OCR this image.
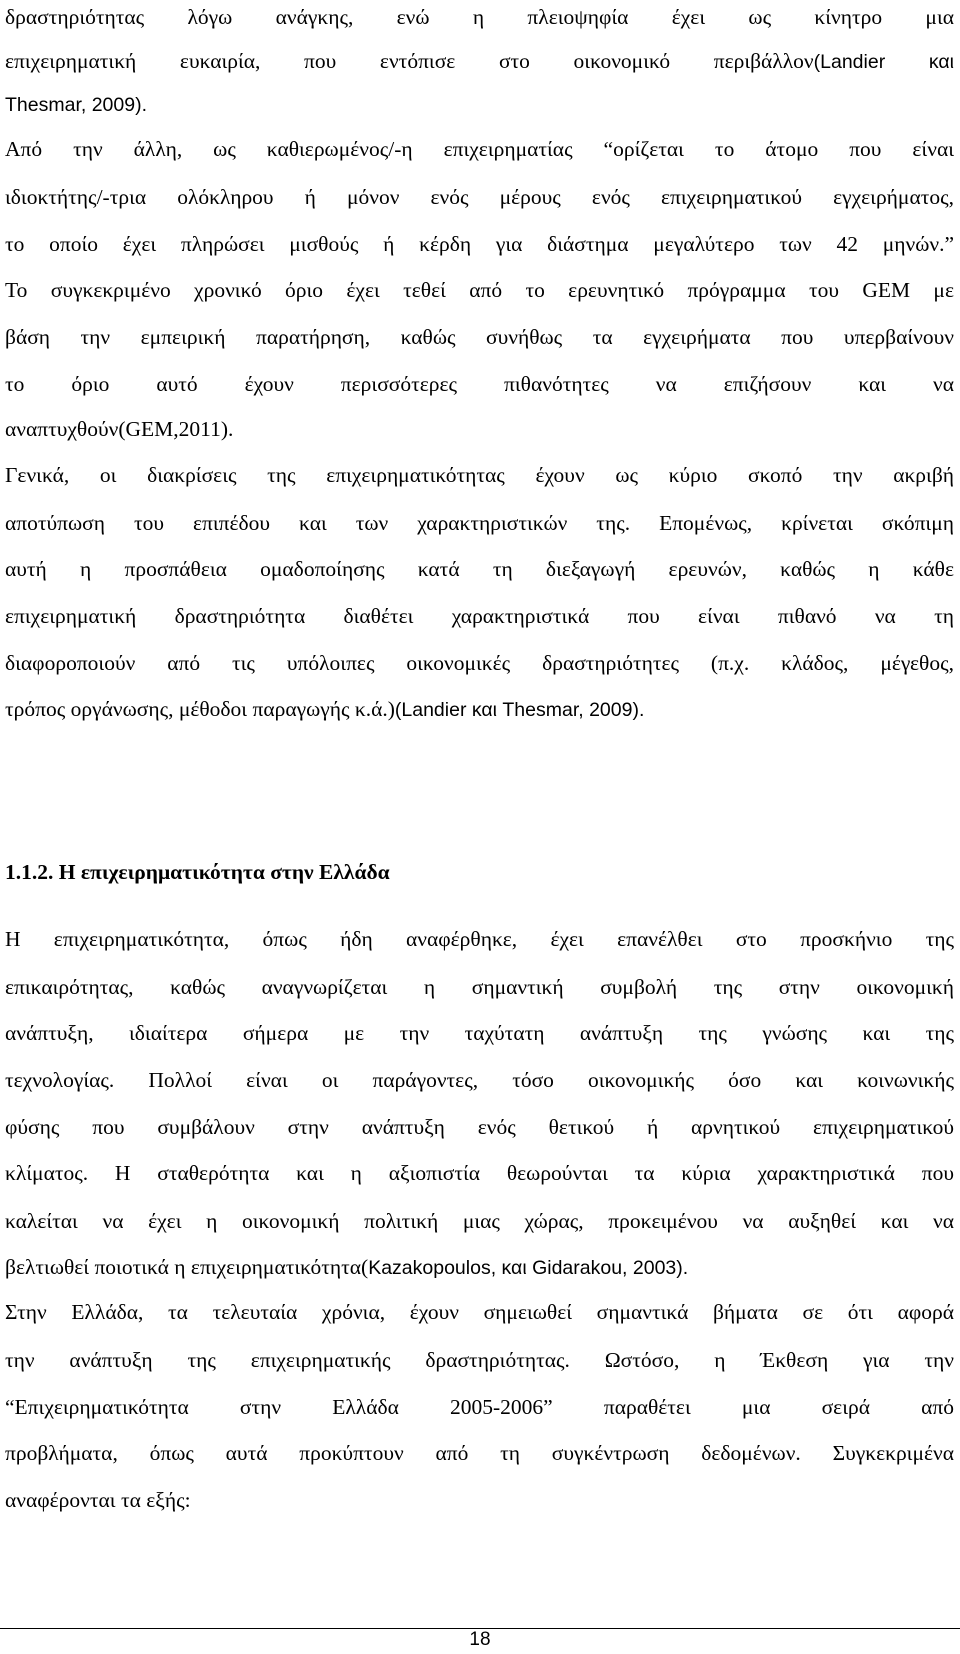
δραστηριότητας λόγω ανάγκης, ενώ η πλειοψηφία έχει ως κίνητρο μια
επιχειρηματική ευκαιρία, που εντόπισε στο οικονομικό περιβάλλον(Landier και
Thesmar, 2009).
Από την άλλη, ως καθιερωμένος/-η επιχειρηματίας “ορίζεται το άτομο που είναι
ιδιοκτήτης/-τρια ολόκληρου ή μόνον ενός μέρους ενός επιχειρηματικού εγχειρήματος,
το οποίο έχει πληρώσει μισθούς ή κέρδη για διάστημα μεγαλύτερο των 42 μηνών.”
Το συγκεκριμένο χρονικό όριο έχει τεθεί από το ερευνητικό πρόγραμμα του GEM με
βάση την εμπειρική παρατήρηση, καθώς συνήθως τα εγχειρήματα που υπερβαίνουν
το όριο αυτό έχουν περισσότερες πιθανότητες να επιζήσουν και να
αναπτυχθούν(GEM,2011).
Γενικά, οι διακρίσεις της επιχειρηματικότητας έχουν ως κύριο σκοπό την ακριβή
αποτύπωση του επιπέδου και των χαρακτηριστικών της. Επομένως, κρίνεται σκόπιμη
αυτή η προσπάθεια ομαδοποίησης κατά τη διεξαγωγή ερευνών, καθώς η κάθε
επιχειρηματική δραστηριότητα διαθέτει χαρακτηριστικά που είναι πιθανό να τη
διαφοροποιούν από τις υπόλοιπες οικονομικές δραστηριότητες (π.χ. κλάδος, μέγεθος,
τρόπος οργάνωσης, μέθοδοι παραγωγής κ.ά.)(Landier και Thesmar, 2009).
1.1.2. Η επιχειρηματικότητα στην Ελλάδα
Η επιχειρηματικότητα, όπως ήδη αναφέρθηκε, έχει επανέλθει στο προσκήνιο της
επικαιρότητας, καθώς αναγνωρίζεται η σημαντική συμβολή της στην οικονομική
ανάπτυξη, ιδιαίτερα σήμερα με την ταχύτατη ανάπτυξη της γνώσης και της
τεχνολογίας. Πολλοί είναι οι παράγοντες, τόσο οικονομικής όσο και κοινωνικής
φύσης που συμβάλουν στην ανάπτυξη ενός θετικού ή αρνητικού επιχειρηματικού
κλίματος. Η σταθερότητα και η αξιοπιστία θεωρούνται τα κύρια χαρακτηριστικά που
καλείται να έχει η οικονομική πολιτική μιας χώρας, προκειμένου να αυξηθεί και να
βελτιωθεί ποιοτικά η επιχειρηματικότητα(Kazakopoulos, και Gidarakou, 2003).
Στην Ελλάδα, τα τελευταία χρόνια, έχουν σημειωθεί σημαντικά βήματα σε ότι αφορά
την ανάπτυξη της επιχειρηματικής δραστηριότητας. Ωστόσο, η Έκθεση για την
“Επιχειρηματικότητα στην Ελλάδα 2005-2006” παραθέτει μια σειρά από
προβλήματα, όπως αυτά προκύπτουν από τη συγκέντρωση δεδομένων. Συγκεκριμένα
αναφέρονται τα εξής:
18
